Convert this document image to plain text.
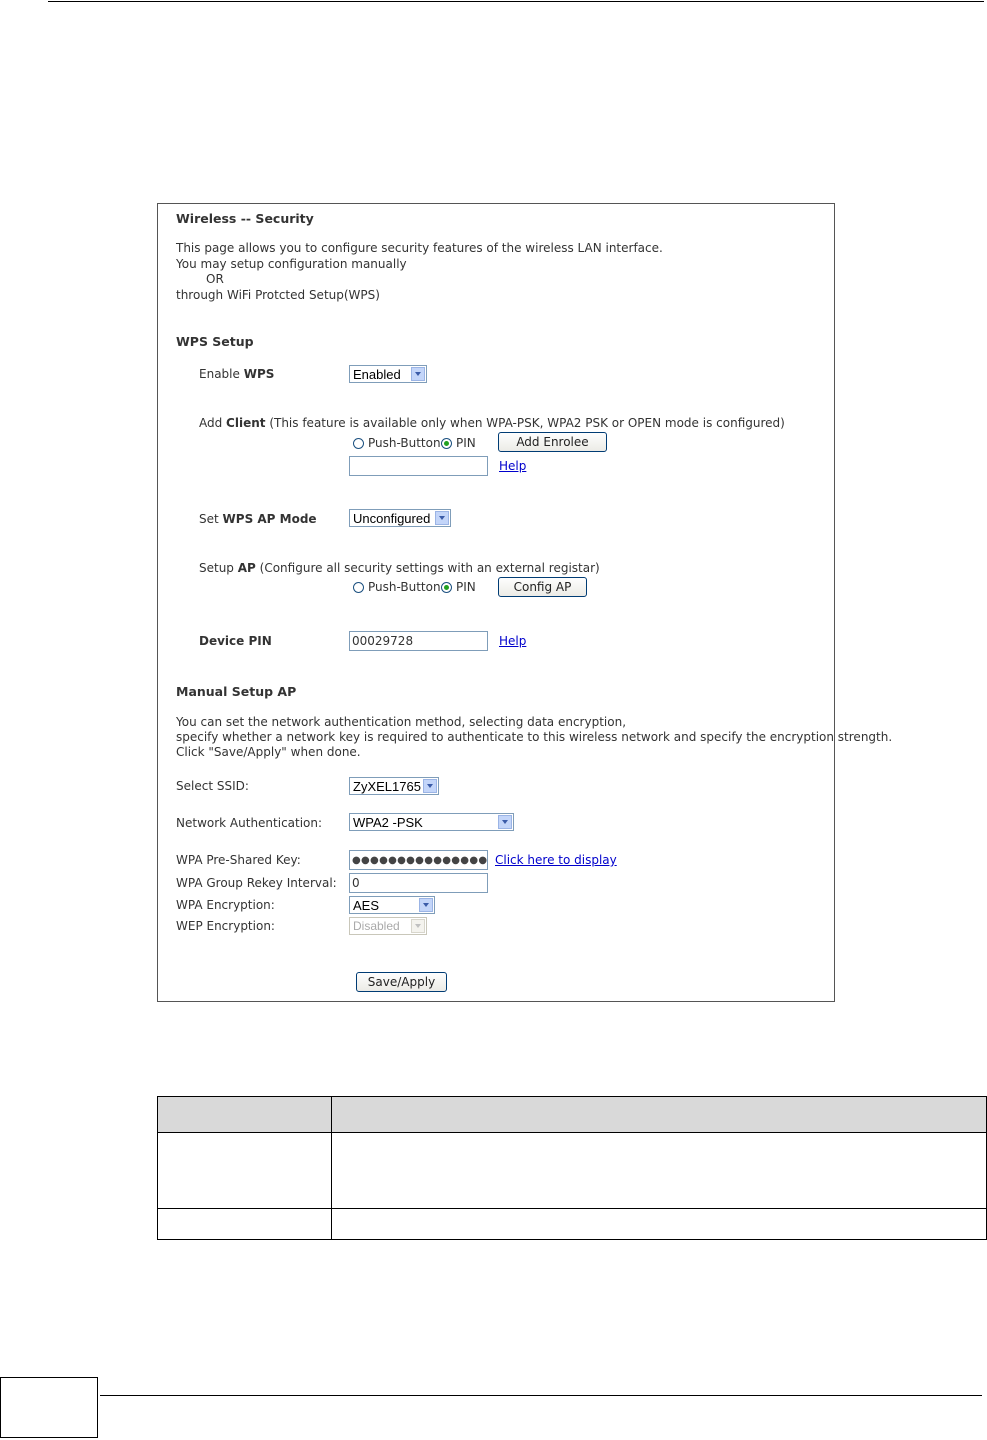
Wireless -- Security
This page allows you to configure security features of the wireless LAN interface.
You may setup configuration manually
OR
through WiFi Protcted Setup(WPS)
WPS Setup
Enable WPS	Enabled
Add Client (This feature is available only when WPA-PSK, WPA2 PSK or OPEN mode is configured)
Push-Button PIN	Add Enrolee
Help
Set WPS AP Mode	Unconfigured
Setup AP (Configure all security settings with an external registar)
Push-Button PIN	Config AP
Device PIN	00029728	Help
Manual Setup AP
You can set the network authentication method, selecting data encryption,
specify whether a network key is required to authenticate to this wireless network and specify the encryption strength.
Click "Save/Apply" when done.
Select SSID:	ZyXEL1765
Network Authentication: WPA2 -PSK
WPA Pre-Shared Key:	●●●●●●●●●●●●●●● Click here to display
WPA Group Rekey Interval: 0
WPA Encryption:	AES
WEP Encryption:	Disabled
Save/Apply
